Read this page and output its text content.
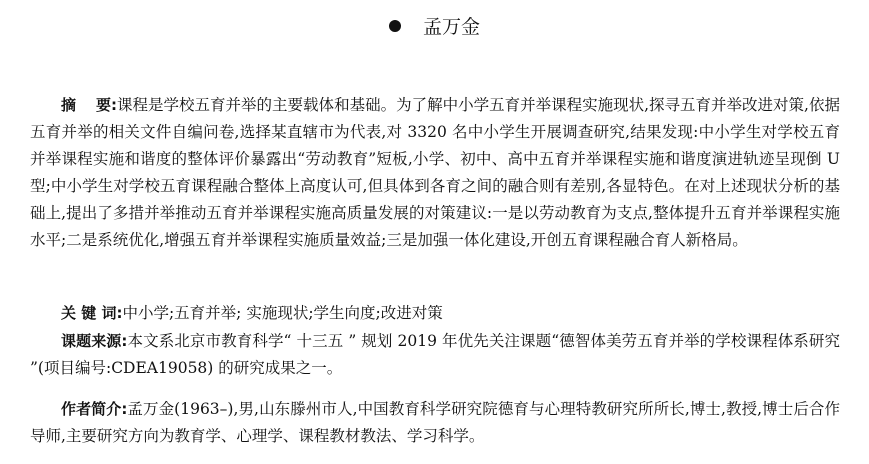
孟万金
摘 要:课程是学校五育并举的主要载体和基础。为了解中小学五育并举课程实施现状,探寻五育并举改进对策,依据五育并举的相关文件自编问卷,选择某直辖市为代表,对 3320 名中小学生开展调查研究,结果发现:中小学生对学校五育并举课程实施和谐度的整体评价暴露出“劳动教育”短板,小学、初中、高中五育并举课程实施和谐度演进轨迹呈现倒 U 型;中小学生对学校五育课程融合整体上高度认可,但具体到各育之间的融合则有差别,各显特色。在对上述现状分析的基础上,提出了多措并举推动五育并举课程实施高质量发展的对策建议:一是以劳动教育为支点,整体提升五育并举课程实施水平;二是系统优化,增强五育并举课程实施质量效益;三是加强一体化建设,开创五育课程融合育人新格局。
关 键 词:中小学;五育并举; 实施现状;学生向度;改进对策
课题来源:本文系北京市教育科学“ 十三五 ” 规划 2019 年优先关注课题“德智体美劳五育并举的学校课程体系研究 ”(项目编号:CDEA19058) 的研究成果之一。
作者简介:孟万金(1963–),男,山东滕州市人,中国教育科学研究院德育与心理特教研究所所长,博士,教授,博士后合作导师,主要研究方向为教育学、心理学、课程教材教法、学习科学。
